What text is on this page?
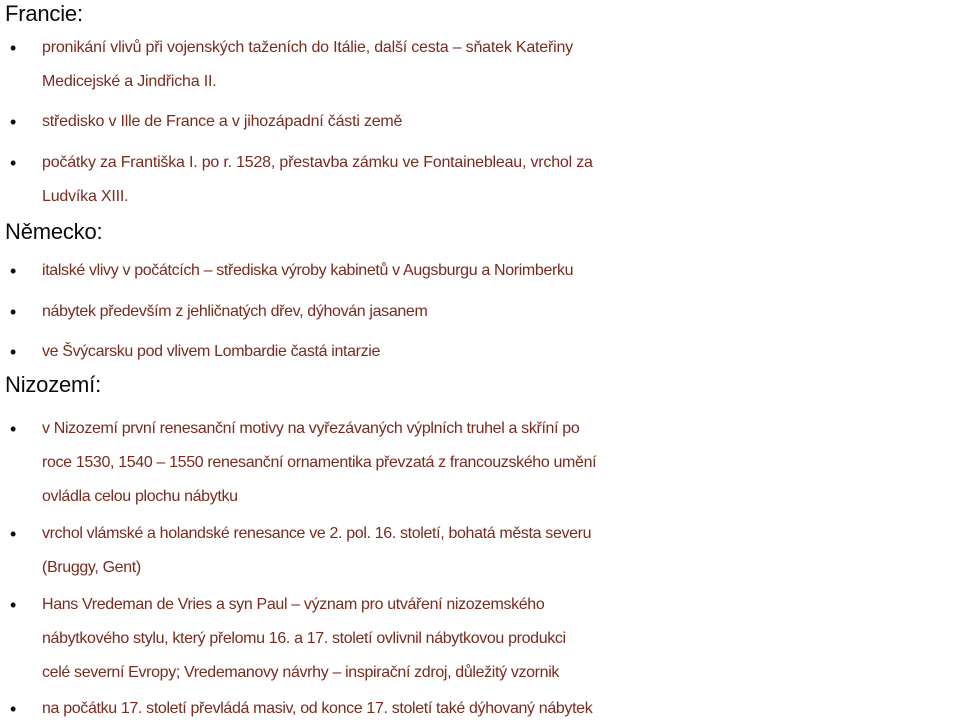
Francie:
• pronikání vlivů při vojenských taženích do Itálie, další cesta – sňatek Kateřiny
Medicejské a Jindřicha II.
• středisko v Ille de France a v jihozápadní části země
• počátky za Františka I. po r. 1528, přestavba zámku ve Fontainebleau, vrchol za
Ludvíka XIII.
Německo:
• italské vlivy v počátcích – střediska výroby kabinetů v Augsburgu a Norimberku
• nábytek především z jehličnatých dřev, dýhován jasanem
• ve Švýcarsku pod vlivem Lombardie častá intarzie
Nizozemí:
• v Nizozemí první renesanční motivy na vyřezávaných výplních truhel a skříní po
roce 1530, 1540 – 1550 renesanční ornamentika převzatá z francouzského umění
ovládla celou plochu nábytku
• vrchol vlámské a holandské renesance ve 2. pol. 16. století, bohatá města severu
(Bruggy, Gent)
• Hans Vredeman de Vries a syn Paul – význam pro utváření nizozemského
nábytkového stylu, který přelomu 16. a 17. století ovlivnil nábytkovou produkci
celé severní Evropy; Vredemanovy návrhy – inspirační zdroj, důležitý vzornik
• na počátku 17. století převládá masiv, od konce 17. století také dýhovaný nábytek
